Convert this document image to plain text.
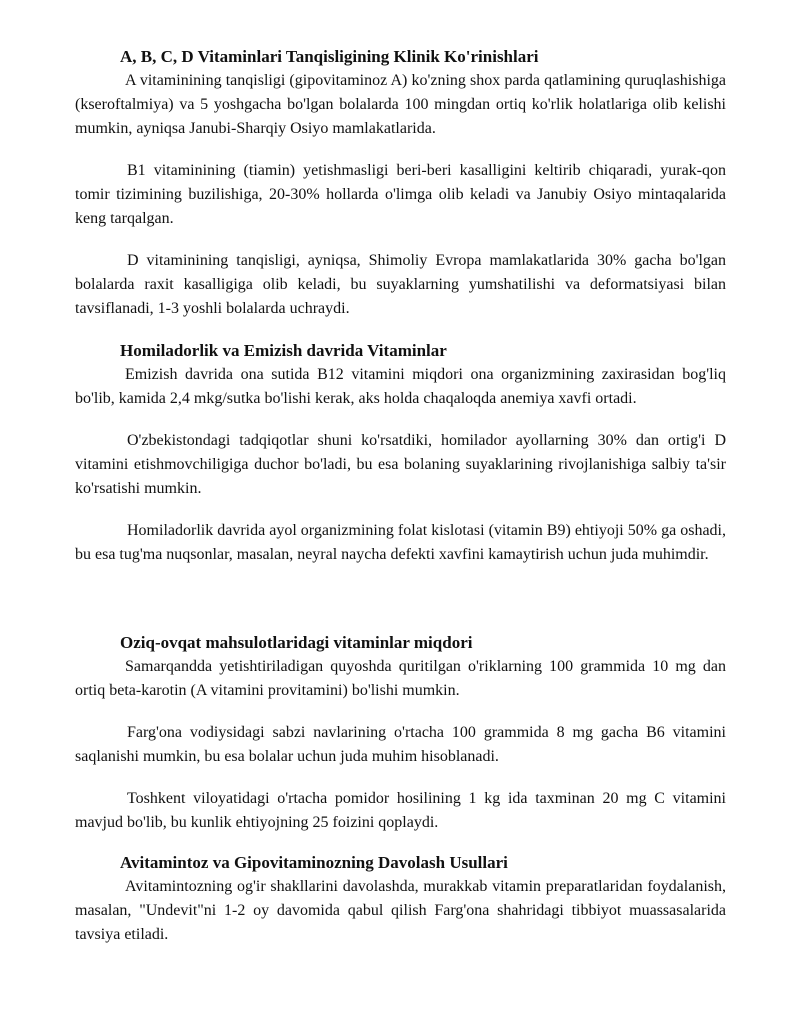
A, B, C, D Vitaminlari Tanqisligining Klinik Ko'rinishlari

A vitaminining tanqisligi (gipovitaminoz A) ko'zning shox parda qatlamining quruqlashishiga (kseroftalmiya) va 5 yoshgacha bo'lgan bolalarda 100 mingdan ortiq ko'rlik holatlariga olib kelishi mumkin, ayniqsa Janubi-Sharqiy Osiyo mamlakatlarida.

B1 vitaminining (tiamin) yetishmasligi beri-beri kasalligini keltirib chiqaradi, yurak-qon tomir tizimining buzilishiga, 20-30% hollarda o'limga olib keladi va Janubiy Osiyo mintaqalarida keng tarqalgan.

D vitaminining tanqisligi, ayniqsa, Shimoliy Evropa mamlakatlarida 30% gacha bo'lgan bolalarda raxit kasalligiga olib keladi, bu suyaklarning yumshatilishi va deformatsiyasi bilan tavsiflanadi, 1-3 yoshli bolalarda uchraydi.

Homiladorlik va Emizish davrida Vitaminlar

Emizish davrida ona sutida B12 vitamini miqdori ona organizmining zaxirasidan bog'liq bo'lib, kamida 2,4 mkg/sutka bo'lishi kerak, aks holda chaqaloqda anemiya xavfi ortadi.

O'zbekistondagi tadqiqotlar shuni ko'rsatdiki, homilador ayollarning 30% dan ortig'i D vitamini etishmovchiligiga duchor bo'ladi, bu esa bolaning suyaklarining rivojlanishiga salbiy ta'sir ko'rsatishi mumkin.

Homiladorlik davrida ayol organizmining folat kislotasi (vitamin B9) ehtiyoji 50% ga oshadi, bu esa tug'ma nuqsonlar, masalan, neyral naycha defekti xavfini kamaytirish uchun juda muhimdir.

Oziq-ovqat mahsulotlaridagi vitaminlar miqdori

Samarqandda yetishtiriladigan quyoshda quritilgan o'riklarning 100 grammida 10 mg dan ortiq beta-karotin (A vitamini provitamini) bo'lishi mumkin.

Farg'ona vodiysidagi sabzi navlarining o'rtacha 100 grammida 8 mg gacha B6 vitamini saqlanishi mumkin, bu esa bolalar uchun juda muhim hisoblanadi.

Toshkent viloyatidagi o'rtacha pomidor hosilining 1 kg ida taxminan 20 mg C vitamini mavjud bo'lib, bu kunlik ehtiyojning 25 foizini qoplaydi.

Avitamintoz va Gipovitaminozning Davolash Usullari

Avitamintozning og'ir shakllarini davolashda, murakkab vitamin preparatlaridan foydalanish, masalan, "Undevit"ni 1-2 oy davomida qabul qilish Farg'ona shahridagi tibbiyot muassasalarida tavsiya etiladi.
